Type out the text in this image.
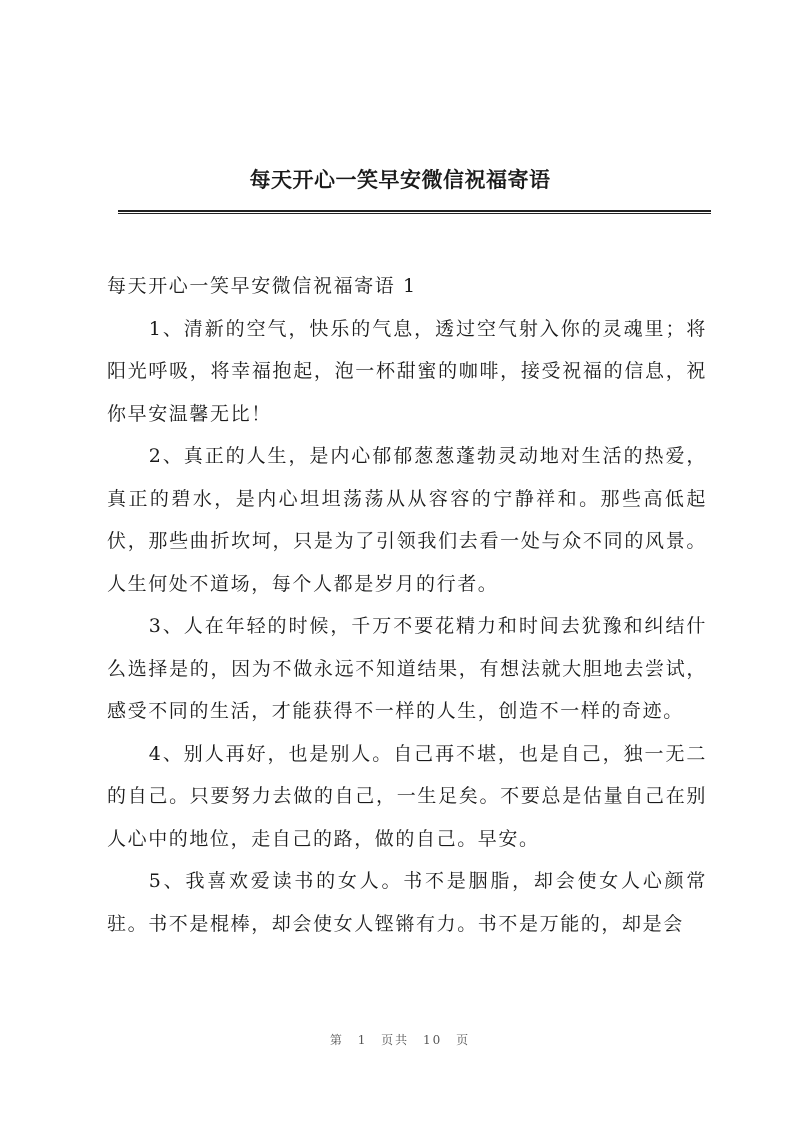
每天开心一笑早安微信祝福寄语

每天开心一笑早安微信祝福寄语 1

1、清新的空气，快乐的气息，透过空气射入你的灵魂里；将阳光呼吸，将幸福抱起，泡一杯甜蜜的咖啡，接受祝福的信息，祝你早安温馨无比！

2、真正的人生，是内心郁郁葱葱蓬勃灵动地对生活的热爱，真正的碧水，是内心坦坦荡荡从从容容的宁静祥和。那些高低起伏，那些曲折坎坷，只是为了引领我们去看一处与众不同的风景。人生何处不道场，每个人都是岁月的行者。

3、人在年轻的时候，千万不要花精力和时间去犹豫和纠结什么选择是的，因为不做永远不知道结果，有想法就大胆地去尝试，感受不同的生活，才能获得不一样的人生，创造不一样的奇迹。

4、别人再好，也是别人。自己再不堪，也是自己，独一无二的自己。只要努力去做的自己，一生足矣。不要总是估量自己在别人心中的地位，走自己的路，做的自己。早安。

5、我喜欢爱读书的女人。书不是胭脂，却会使女人心颜常驻。书不是棍棒，却会使女人铿锵有力。书不是万能的，却是会

第 1 页共 10 页
